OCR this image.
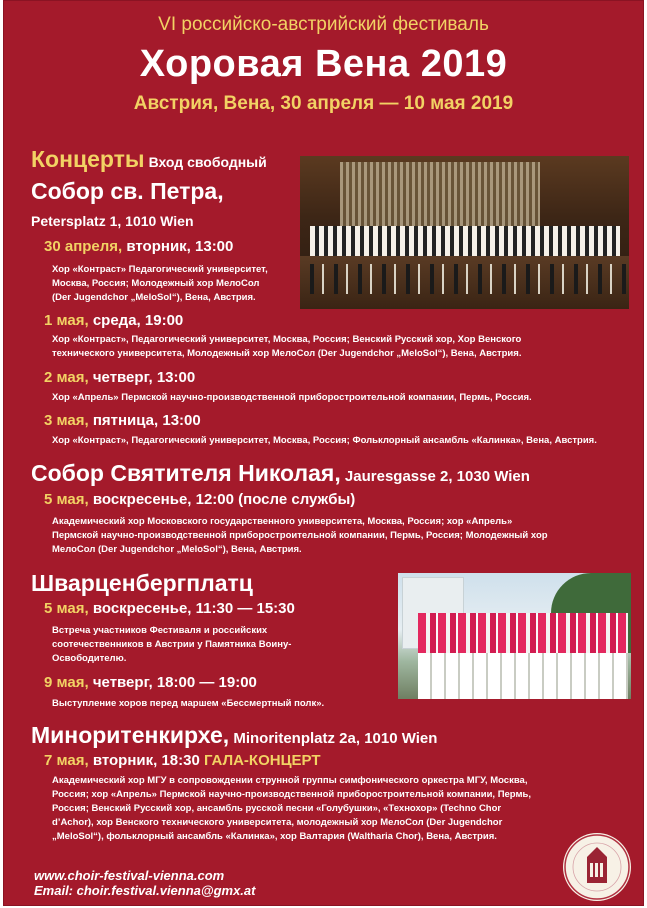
VI российско-австрийский фестиваль
Хоровая Вена 2019
Австрия, Вена, 30 апреля — 10 мая 2019
Концерты Вход свободный
Собор св. Петра,
Petersplatz 1, 1010 Wien
30 апреля, вторник, 13:00
Хор «Контраст» Педагогический университет,
Москва, Россия; Молодежный хор МелоСол
(Der Jugendchor „MeloSol“), Вена, Австрия.
1 мая, среда, 19:00
Хор «Контраст», Педагогический университет, Москва, Россия; Венский Русский хор, Хор Венского
технического университета, Молодежный хор МелоСол (Der Jugendchor „MeloSol“), Вена, Австрия.
2 мая, четверг, 13:00
Хор «Апрель» Пермской научно-производственной приборостроительной компании, Пермь, Россия.
3 мая, пятница, 13:00
Хор «Контраст», Педагогический университет, Москва, Россия; Фольклорный ансамбль «Калинка», Вена, Австрия.
Собор Святителя Николая, Jauresgasse 2, 1030 Wien
5 мая, воскресенье, 12:00 (после службы)
Академический хор Московского государственного университета, Москва, Россия; хор «Апрель»
Пермской научно-производственной приборостроительной компании, Пермь, Россия; Молодежный хор
МелоСол (Der Jugendchor „MeloSol“), Вена, Австрия.
Шварценбергплатц
5 мая, воскресенье, 11:30 — 15:30
Встреча участников Фестиваля и российских
соотечественников в Австрии у Памятника Воину-
Освободителю.
9 мая, четверг, 18:00 — 19:00
Выступление хоров перед маршем «Бессмертный полк».
Миноритенкирхе, Minoritenplatz 2a, 1010 Wien
7 мая, вторник, 18:30 ГАЛА-КОНЦЕРТ
Академический хор МГУ в сопровождении струнной группы симфонического оркестра МГУ, Москва,
Россия; хор «Апрель» Пермской научно-производственной приборостроительной компании, Пермь,
Россия; Венский Русский хор, ансамбль русской песни «Голубушки», «Технохор» (Techno Chor
d’Achor), хор Венского технического университета, молодежный хор МелоСол (Der Jugendchor
„MeloSol“), фольклорный ансамбль «Калинка», хор Валтария (Waltharia Chor), Вена, Австрия.
www.choir-festival-vienna.com
Email: choir.festival.vienna@gmx.at
